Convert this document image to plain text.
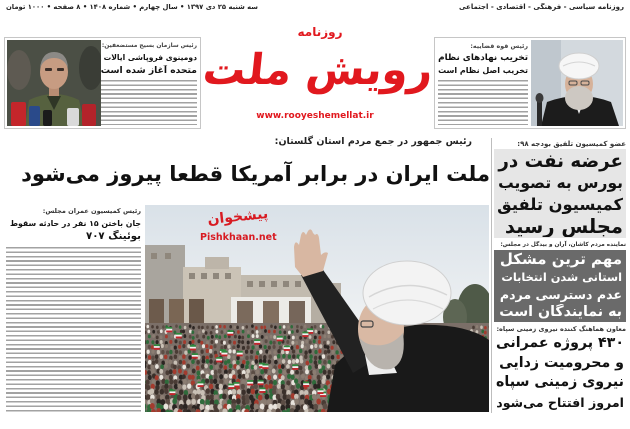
روزنامه سیاسی - فرهنگی - اقتصادی - اجتماعی
سه شنبه ۲۵ دی ۱۳۹۷ • سال چهارم • شماره ۱۴۰۸ • ۸ صفحه • ۱۰۰۰ تومان
روزنامه
رویش ملت
www.rooyeshemellat.ir
رئیس سازمان بسیج مستضعفین:
دومینوی فروپاشی ایالات
متحده آغاز شده است
رئیس قوه قضاییه:
تخریب نهادهای نظام
تخریب اصل نظام است
رئیس جمهور در جمع مردم استان گلستان:
ملت ایران در برابر آمریکا قطعا پیروز می‌شود
عضو کمیسیون تلفیق بودجه ۹۸:
عرضه نفت در
بورس به تصویب
کمیسیون تلفیق
مجلس رسید
نماینده مردم کاشان، آران و بیدگل در مجلس:
مهم ترین مشکل
استانی شدن انتخابات
عدم دسترسی مردم
به نمایندگان است
معاون هماهنگ کننده نیروی زمینی سپاه:
۴۳۰ پروژه عمرانی
و محرومیت زدایی
نیروی زمینی سپاه
امروز افتتاح می‌شود
رئیس کمیسیون عمران مجلس:
جان باختن ۱۵ نفر در حادثه سقوط
بوئینگ ۷۰۷
پیشخوان
Pishkhaan.net
